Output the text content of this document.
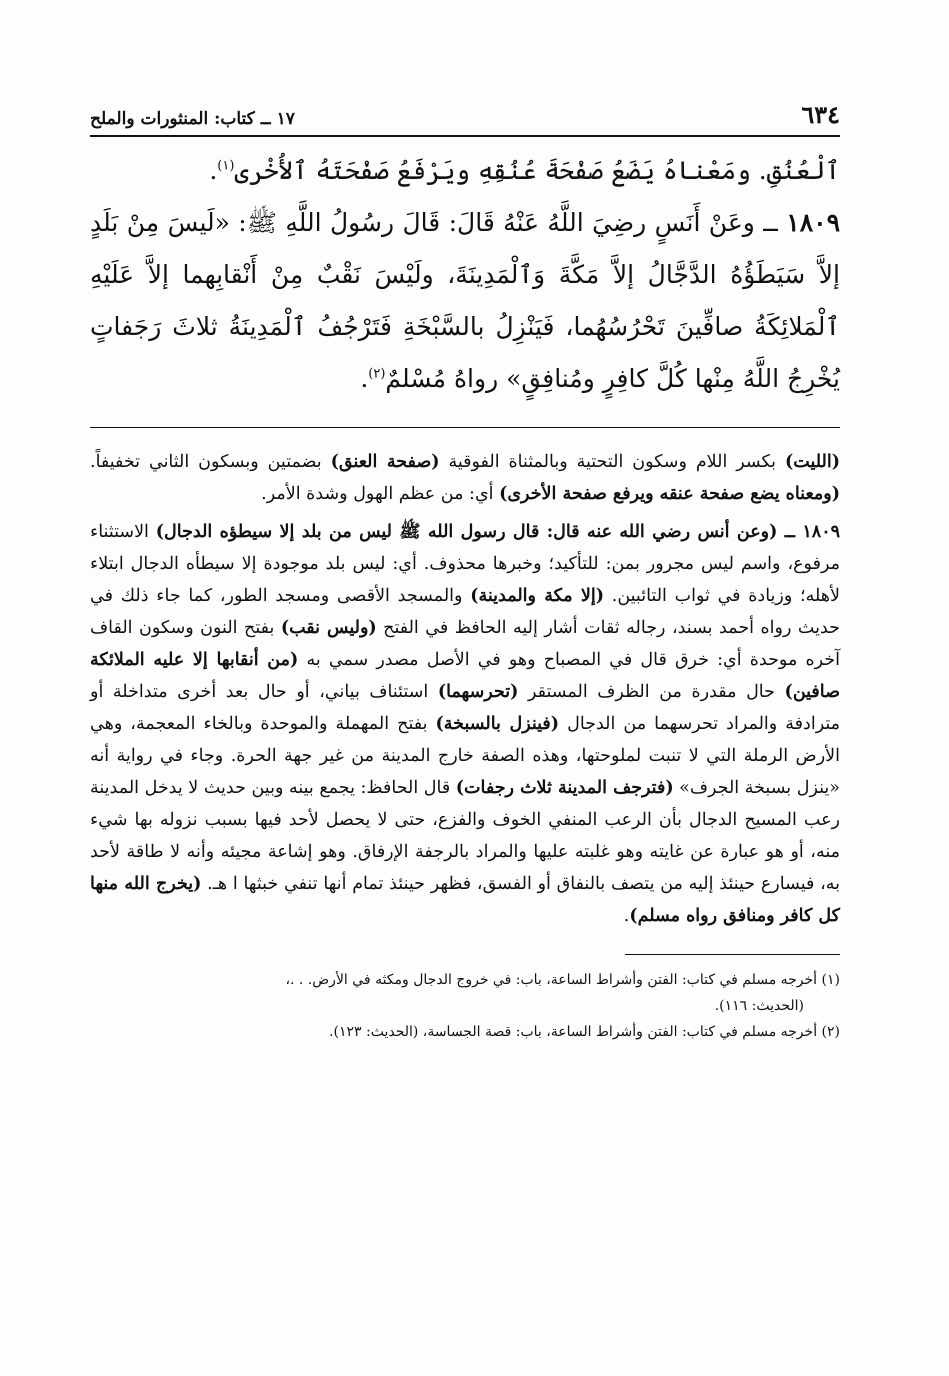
٦٣٤
١٧ ــ كتاب: المنثورات والملح

ٱلْعُنُقِ. ومَعْناهُ يَضَعُ صَفْحَةَ عُنُقِهِ ويَرْفَعُ صَفْحَتَهُ ٱلأُخْرى$^{(١)}$.

١٨٠٩ ــ وعَنْ أَنَسٍ رضِيَ اللَّهُ عَنْهُ قَالَ: قَالَ رسُولُ اللَّهِ ﷺ: «لَيسَ مِنْ بَلَدٍ إلاَّ سَيَطَؤُهُ الدَّجَّالُ إلاَّ مَكَّةَ وَٱلْمَدِينَةَ، ولَيْسَ نَقْبٌ مِنْ أَنْقابِهما إلاَّ عَلَيْهِ ٱلْمَلائِكَةُ صافِّينَ تَحْرُسُهُما، فَيَنْزِلُ بالسَّبْخَةِ فَتَرْجُفُ ٱلْمَدِينَةُ ثلاثَ رَجَفاتٍ يُخْرِجُ اللَّهُ مِنْها كُلَّ كافِرٍ ومُنافِقٍ» رواهُ مُسْلمٌ$^{(٢)}$.

(الليت) بكسر اللام وسكون التحتية وبالمثناة الفوقية (صفحة العنق) بضمتين وبسكون الثاني تخفيفاً. (ومعناه يضع صفحة عنقه ويرفع صفحة الأخرى) أي: من عظم الهول وشدة الأمر.

١٨٠٩ ــ (وعن أنس رضي الله عنه قال: قال رسول الله ﷺ ليس من بلد إلا سيطؤه الدجال) الاستثناء مرفوع، واسم ليس مجرور بمن: للتأكيد؛ وخبرها محذوف. أي: ليس بلد موجودة إلا سيطأه الدجال ابتلاء لأهله؛ وزيادة في ثواب التائبين. (إلا مكة والمدينة) والمسجد الأقصى ومسجد الطور، كما جاء ذلك في حديث رواه أحمد بسند، رجاله ثقات أشار إليه الحافظ في الفتح (وليس نقب) بفتح النون وسكون القاف آخره موحدة أي: خرق قال في المصباح وهو في الأصل مصدر سمي به (من أنقابها إلا عليه الملائكة صافين) حال مقدرة من الظرف المستقر (تحرسهما) استئناف بياني، أو حال بعد أخرى متداخلة أو مترادفة والمراد تحرسهما من الدجال (فينزل بالسبخة) بفتح المهملة والموحدة وبالخاء المعجمة، وهي الأرض الرملة التي لا تنبت لملوحتها، وهذه الصفة خارج المدينة من غير جهة الحرة. وجاء في رواية أنه «ينزل بسبخة الجرف» (فترجف المدينة ثلاث رجفات) قال الحافظ: يجمع بينه وبين حديث لا يدخل المدينة رعب المسيح الدجال بأن الرعب المنفي الخوف والفزع، حتى لا يحصل لأحد فيها بسبب نزوله بها شيء منه، أو هو عبارة عن غايته وهو غلبته عليها والمراد بالرجفة الإرفاق. وهو إشاعة مجيئه وأنه لا طاقة لأحد به، فيسارع حينئذ إليه من يتصف بالنفاق أو الفسق، فظهر حينئذ تمام أنها تنفي خبثها ا هـ. (يخرج الله منها كل كافر ومنافق رواه مسلم).

(١) أخرجه مسلم في كتاب: الفتن وأشراط الساعة، باب: في خروج الدجال ومكثه في الأرض. . .،

(الحديث: ١١٦).

(٢) أخرجه مسلم في كتاب: الفتن وأشراط الساعة، باب: قصة الجساسة، (الحديث: ١٢٣).
